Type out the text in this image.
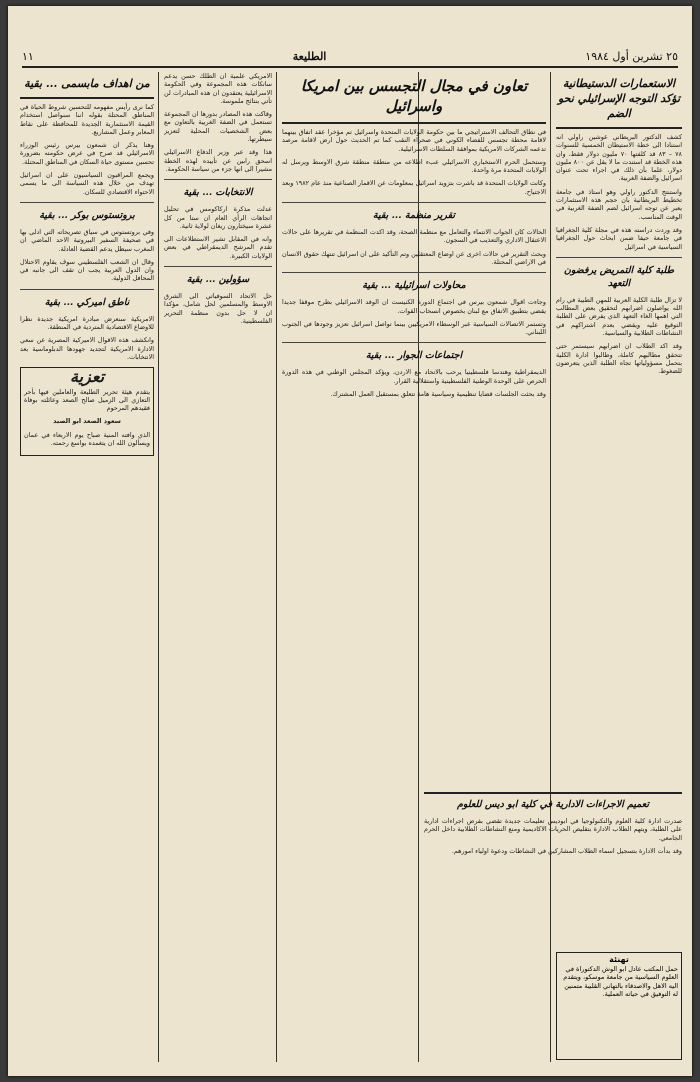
٢٥ تشرين أول ١٩٨٤
الطليعة
١١
الاستعمارات الدستيطانية تؤكد التوجه الإسرائيلي نحو الضم

كشف الدكتور البريطاني غوشين راولي انه استنادا الى خطة الاستيطان الخمسية للسنوات ٧٨ – ٨٣ قد كلفتها ٧٠ مليون دولار فقط، وان هذه الخطة قد استندت ما لا يقل عن ٨٠٠ مليون دولار، علما بأن ذلك في اجراء تحت عنوان اسرائيل والضفة الغربية.

واستنتج الدكتور راولي وهو استاذ في جامعة تخطيط البريطانية بان حجم هذه الاستثمارات يعبر عن توجه اسرائيل لضم الضفة الغربية في الوقت المناسب.

وقد وردت دراسته هذه في مجلة كلية الجغرافيا في جامعة حيفا ضمن ابحاث حول الجغرافيا السياسية في اسرائيل

طلبة كلية التمريض يرفضون التعهد

لا تزال طلبة الكلية العربية للمهن الطبية في رام الله يواصلون اضرابهم لتحقيق بعض المطالب التي اهمها الغاء التعهد الذي يفرض على الطلبة التوقيع عليه ويقضي بعدم اشتراكهم في النشاطات الطلابية والسياسية.

وقد اكد الطلاب ان اضرابهم سيستمر حتى تتحقق مطالبهم كاملة، وطالبوا ادارة الكلية بتحمل مسؤولياتها تجاه الطلبة الذين يتعرضون للضغوط.

تعاون في مجال التجسس بين امريكا واسرائيل

في نطاق التحالف الاستراتيجي ما بين حكومة الولايات المتحدة واسرائيل تم مؤخرا عقد اتفاق بينهما لاقامة محطة تجسس للفضاء الكوني في صحراء النقب كما تم الحديث حول ارض لاقامة مرصد تدعمه الشركات الامريكية بموافقة السلطات الاسرائيلية.

وستحمل الحرم الاستخباري الاسرائيلي عبء اطلاعه من منطقة منطقة شرق الاوسط ويرسل له الولايات المتحدة مرة واحدة.

وكانت الولايات المتحدة قد باشرت بتزويد اسرائيل بمعلومات عن الاقمار الصناعية منذ عام ١٩٨٢ وبعد الاجتياح.

تقرير منظمة ... بقية

الحالات كان الجواب الانتماء والتعامل مع منظمة الصحة، وقد اكدت المنظمة في تقريرها على حالات الاعتقال الاداري والتعذيب في السجون.

وبحث التقرير في حالات اخرى عن اوضاع المعتقلين وتم التأكيد على ان اسرائيل تنتهك حقوق الانسان في الاراضي المحتلة.

محاولات اسرائيلية ... بقية

وجاءت اقوال شمعون بيرس في اجتماع الدورة الكنيست ان الوفد الاسرائيلي بطرح موقفا جديدا يقضي بتطبيق الاتفاق مع لبنان بخصوص انسحاب القوات.

وتستمر الاتصالات السياسية عبر الوسطاء الامريكيين بينما تواصل اسرائيل تعزيز وجودها في الجنوب اللبناني.

اجتماعات الجوار ... بقية

الديمقراطية وهندسا فلسطينيا يرحب بالاتحاد مع الاردن، ويؤكد المجلس الوطني في هذه الدورة الحرص على الوحدة الوطنية الفلسطينية واستقلالية القرار.

وقد بحثت الجلسات قضايا تنظيمية وسياسية هامة تتعلق بمستقبل العمل المشترك.

الامريكي علمية ان الطلك حسن يدعم ساتكات هذه المجموعة وفي الحكومة الاسرائيلية يعتقدون ان هذه المبادرات لن تأتي بنتائج ملموسة.

وقاكت هذه المصادر بدورها ان المجموعة تستعمل في الضفة الغربية بالتعاون مع بعض الشخصيات المحلية لتعزيز سيطرتها.

هذا وقد عبر وزير الدفاع الاسرائيلي اسحق رابين عن تأييده لهذه الخطة مشيرا الى انها جزء من سياسة الحكومة.

الانتخابات ... بقية

عدلت مذكرة اركاكومس في تحليل اتجاهات الرأي العام ان ستا من كل عشرة سيختارون ريغان لولاية ثانية.

وانه في المقابل تشير الاستطلاعات الى تقدم المرشح الديمقراطي في بعض الولايات الكبيرة.

سؤولين ... بقية

حل الاتحاد السوفياتي الى الشرق الاوسط والمسلمين لحل شامل، مؤكدا ان لا حل بدون منظمة التحرير الفلسطينية.

من اهداف مابسمى ... بقية

كما نرى رأيس مفهومه للتحسين شروط الحياة في المناطق المحتلة بقوله اننا سنواصل استخدام القيمة الاستثمارية الجديدة للمحافظة على نقاط المعابر وعمل المشاريع.

وهنا يذكر ان شمعون بيرس رئيس الوزراء الاسرائيلي قد صرح في عرض حكومته بضرورة تحسين مستوى حياة السكان في المناطق المحتلة.

ويجمع المراقبون السياسيون على ان اسرائيل تهدف من خلال هذه السياسة الى ما يسمى الاحتواء الاقتصادي للسكان.

بروتستوس بوكر ... بقية

وفي بروتستوس في سياق تصريحاته التي ادلى بها في صحيفة السفير البيروتية الاحد الماضي ان المغرب سيظل يدعم القضية العادلة.

وقال ان الشعب الفلسطيني سوف يقاوم الاحتلال وان الدول العربية يجب ان تقف الى جانبه في المحافل الدولية.

ناطق اميركي ... بقية

الامريكية سنعرض مبادرة امريكية جديدة نظرا للاوضاع الاقتصادية المتردية في المنطقة.

وانكشف هذه الاقوال الاميركية المصرية عن سعي الادارة الامريكية لتجديد جهودها الدبلوماسية بعد الانتخابات.

تعزية

يتقدم هيئة تحرير الطليعة والعاملين فيها بأحر التعازي الى الزميل صالح الصعد وعائلته بوفاة فقيدهم المرحوم

سعود الصعد ابو الصبد

الذي وافته المنية صباح يوم الاربعاء في عمان ويسألون الله ان يتغمده بواسع رحمته.

تعميم الاجراءات الادارية في كلية ابو ديس للعلوم

صدرت ادارة كلية العلوم والتكنولوجيا في ابوديس تعليمات جديدة تقضي بفرض اجراءات ادارية على الطلبة، ويتهم الطلاب الادارة بتقليص الحريات الاكاديمية ومنع النشاطات الطلابية داخل الحرم الجامعي.

وقد بدأت الادارة بتسجيل اسماء الطلاب المشاركين في النشاطات ودعوة اولياء امورهم.

تهنئة
حمل المكتب عادل ابو الوش الدكتوراة في العلوم السياسية من جامعة موسكو، ويتقدم اليه الاهل والاصدقاء بالتهاني القلبية متمنين له التوفيق في حياته العملية.
